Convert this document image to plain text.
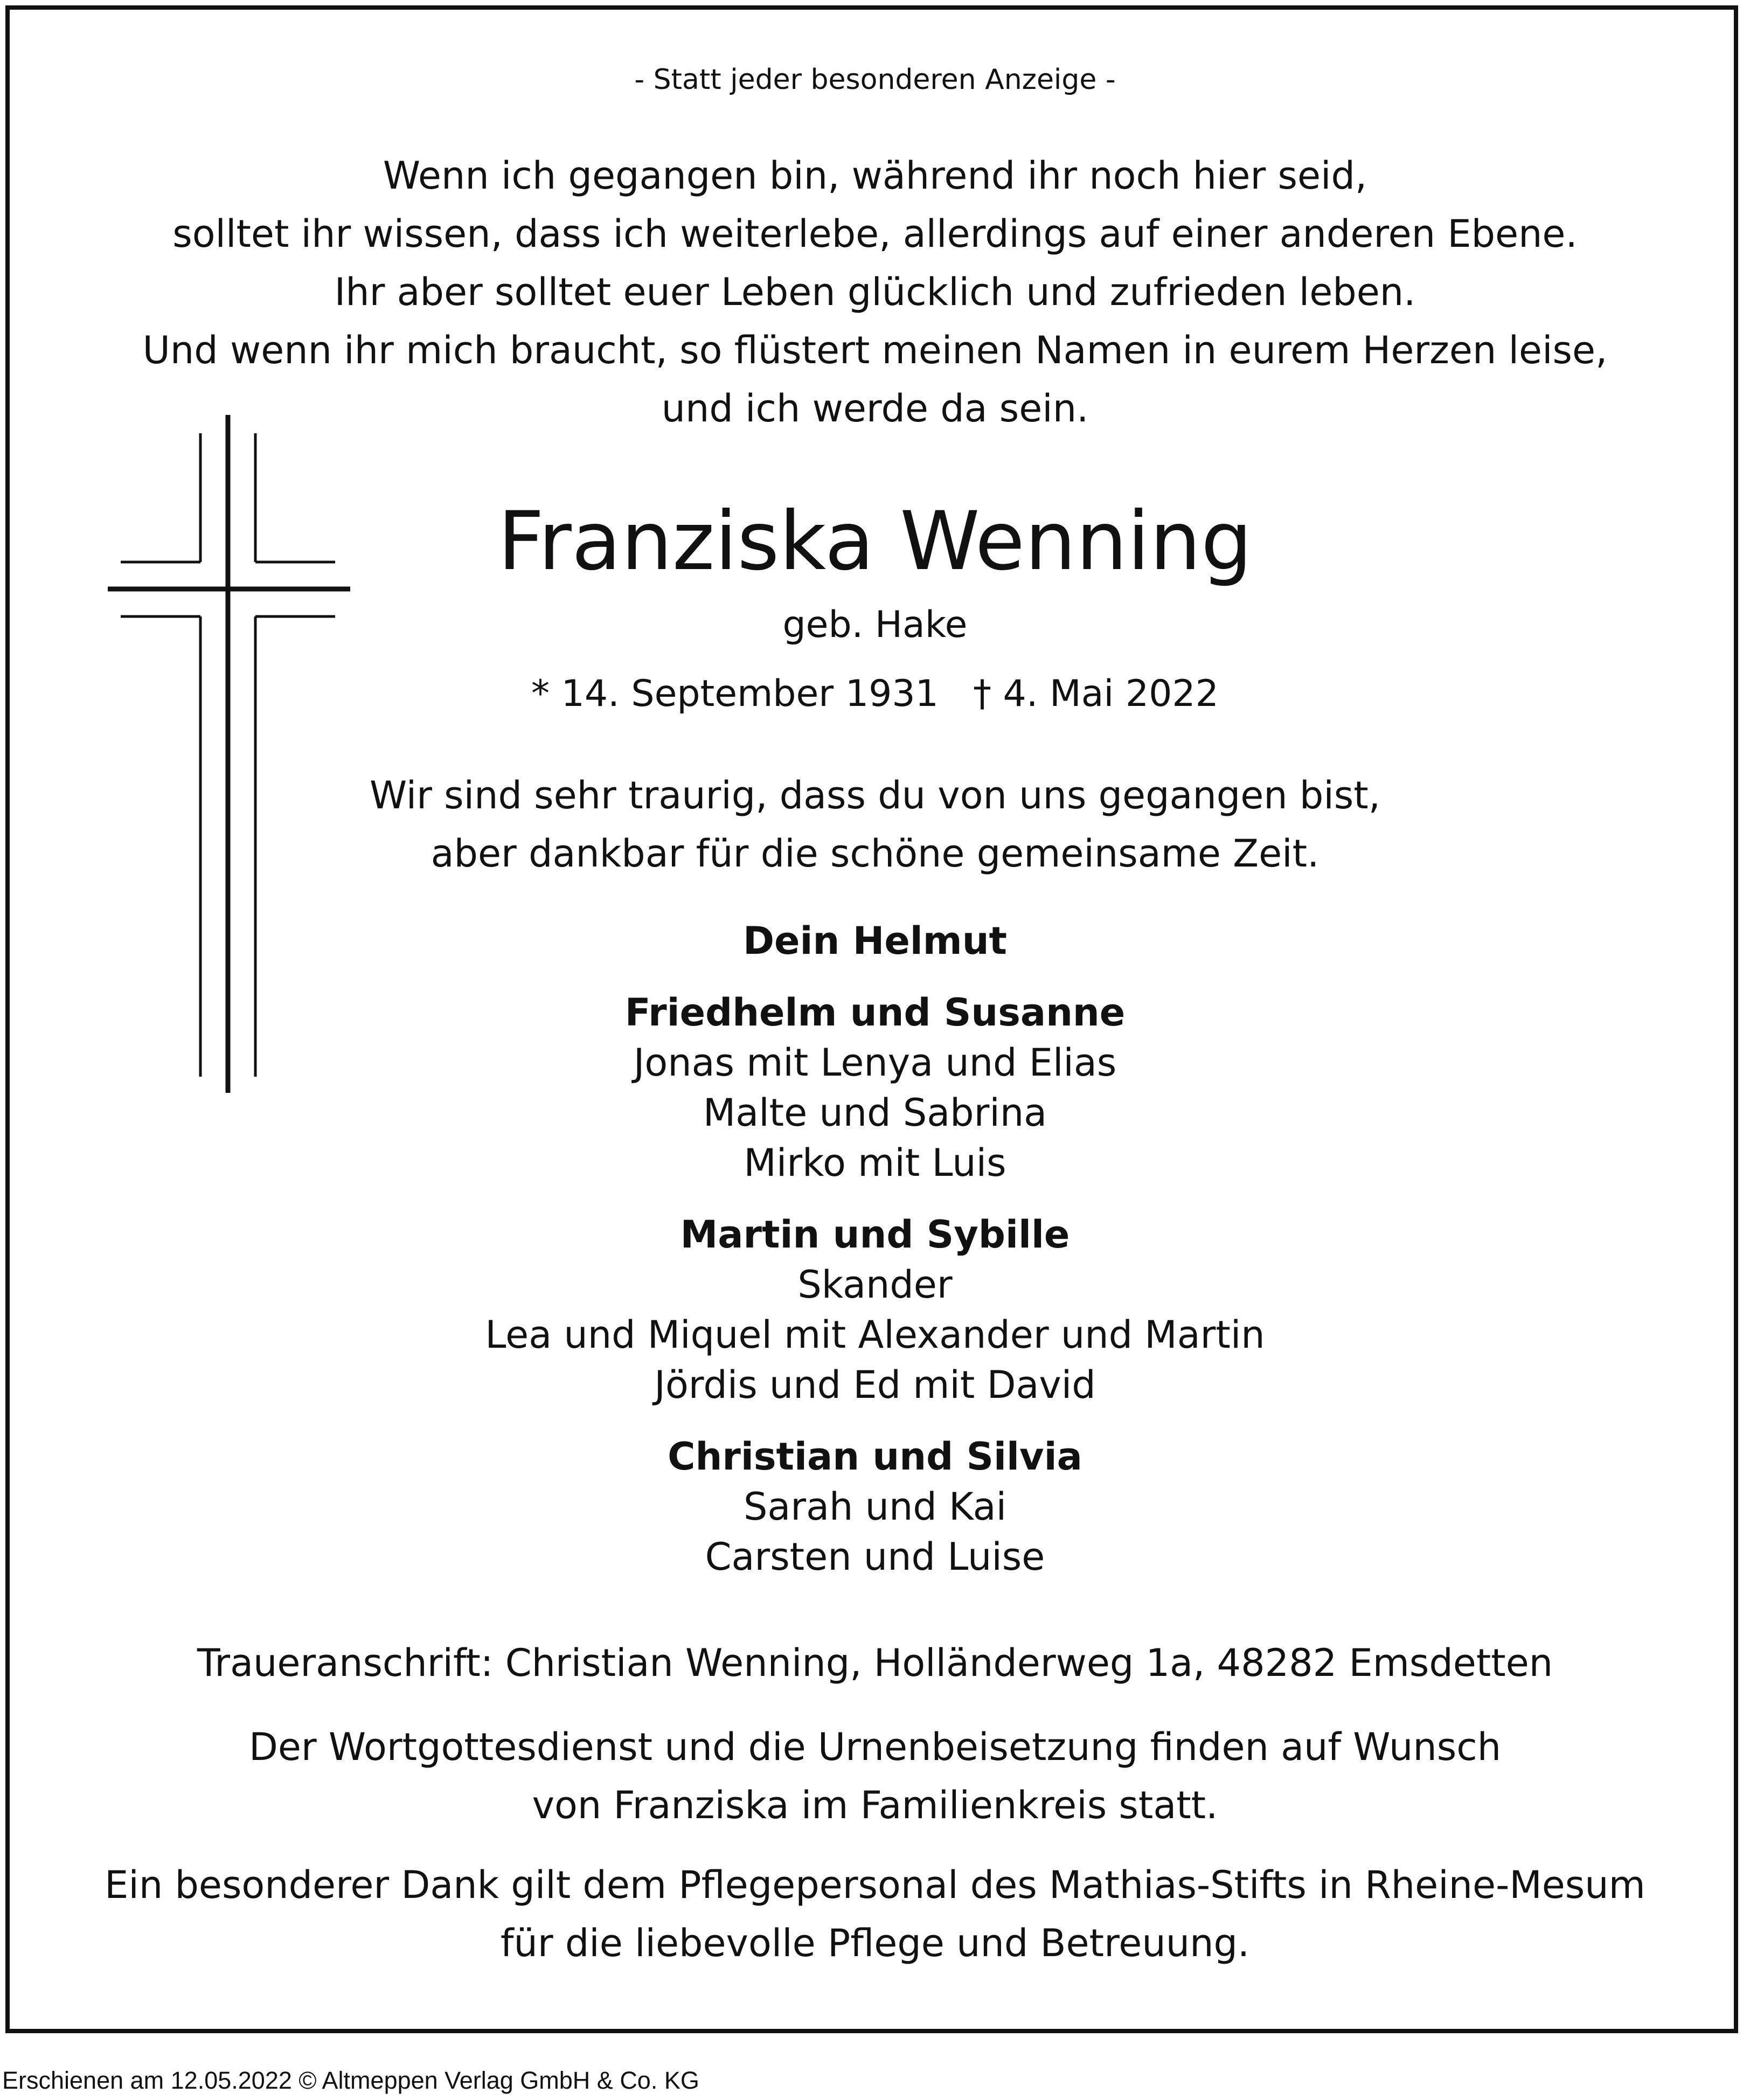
- Statt jeder besonderen Anzeige -

Wenn ich gegangen bin, während ihr noch hier seid,
solltet ihr wissen, dass ich weiterlebe, allerdings auf einer anderen Ebene.
Ihr aber solltet euer Leben glücklich und zufrieden leben.
Und wenn ihr mich braucht, so flüstert meinen Namen in eurem Herzen leise,
und ich werde da sein.
Franziska Wenning

geb. Hake

* 14. September 1931 † 4. Mai 2022

Wir sind sehr traurig, dass du von uns gegangen bist,
aber dankbar für die schöne gemeinsame Zeit.
Dein Helmut
Friedhelm und Susanne
Jonas mit Lenya und Elias
Malte und Sabrina
Mirko mit Luis
Martin und Sybille
Skander
Lea und Miquel mit Alexander und Martin
Jördis und Ed mit David
Christian und Silvia
Sarah und Kai
Carsten und Luise

Traueranschrift: Christian Wenning, Holländerweg 1a, 48282 Emsdetten

Der Wortgottesdienst und die Urnenbeisetzung finden auf Wunsch
von Franziska im Familienkreis statt.
Ein besonderer Dank gilt dem Pflegepersonal des Mathias-Stifts in Rheine-Mesum
für die liebevolle Pflege und Betreuung.
Erschienen am 12.05.2022 © Altmeppen Verlag GmbH & Co. KG
